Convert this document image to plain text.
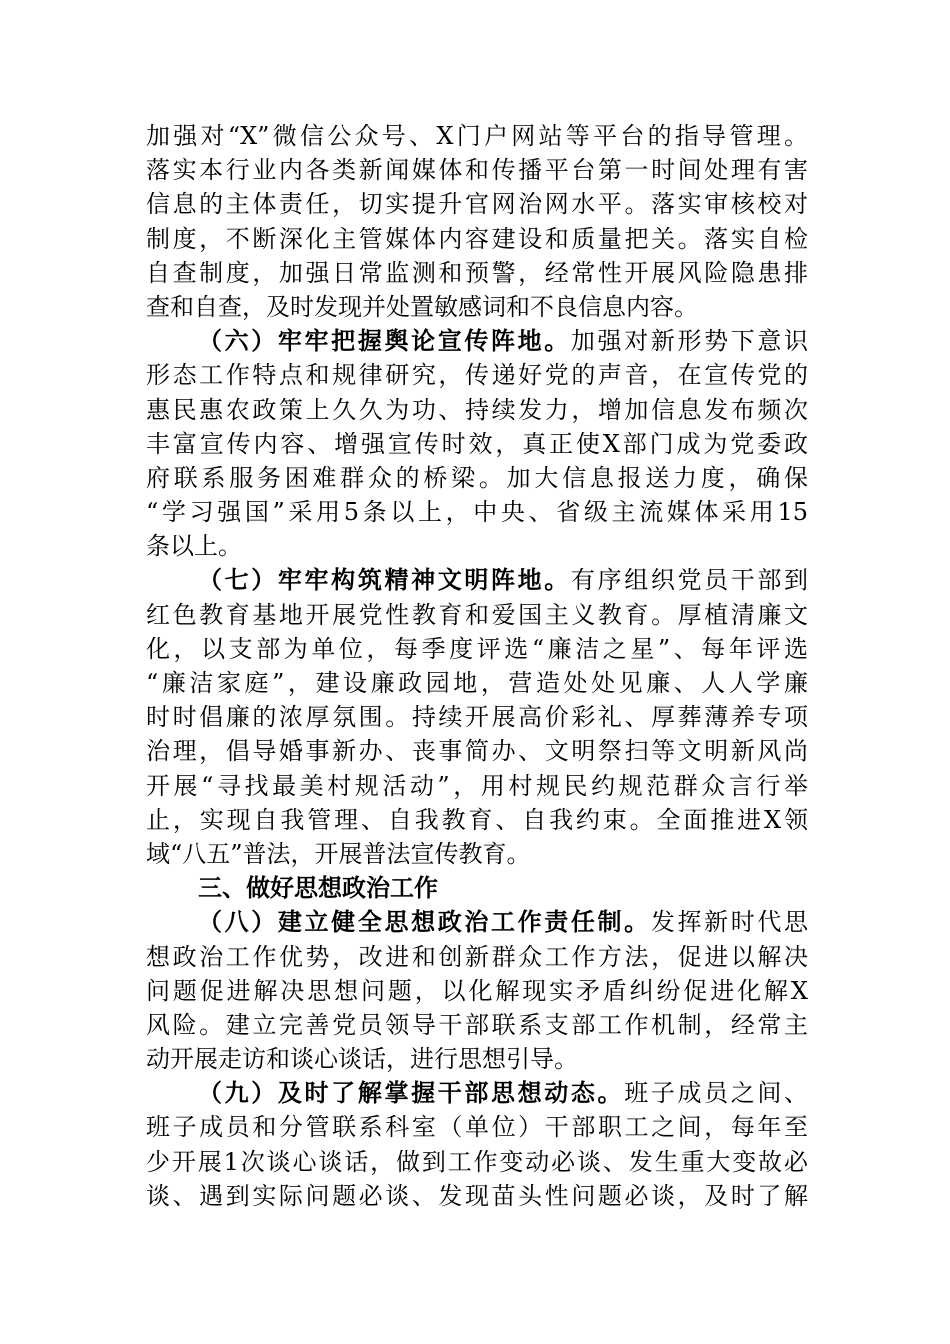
加强对“X”微信公众号、X门户网站等平台的指导管理。
落实本行业内各类新闻媒体和传播平台第一时间处理有害
信息的主体责任，切实提升官网治网水平。落实审核校对
制度，不断深化主管媒体内容建设和质量把关。落实自检
自查制度，加强日常监测和预警，经常性开展风险隐患排
查和自查，及时发现并处置敏感词和不良信息内容。
（六）牢牢把握舆论宣传阵地。加强对新形势下意识
形态工作特点和规律研究，传递好党的声音，在宣传党的
惠民惠农政策上久久为功、持续发力，增加信息发布频次
丰富宣传内容、增强宣传时效，真正使X部门成为党委政
府联系服务困难群众的桥梁。加大信息报送力度，确保
“学习强国”采用5条以上，中央、省级主流媒体采用15
条以上。
（七）牢牢构筑精神文明阵地。有序组织党员干部到
红色教育基地开展党性教育和爱国主义教育。厚植清廉文
化，以支部为单位，每季度评选“廉洁之星”、每年评选
“廉洁家庭”，建设廉政园地，营造处处见廉、人人学廉
时时倡廉的浓厚氛围。持续开展高价彩礼、厚葬薄养专项
治理，倡导婚事新办、丧事简办、文明祭扫等文明新风尚
开展“寻找最美村规活动”，用村规民约规范群众言行举
止，实现自我管理、自我教育、自我约束。全面推进X领
域“八五”普法，开展普法宣传教育。
三、做好思想政治工作
（八）建立健全思想政治工作责任制。发挥新时代思
想政治工作优势，改进和创新群众工作方法，促进以解决
问题促进解决思想问题，以化解现实矛盾纠纷促进化解X
风险。建立完善党员领导干部联系支部工作机制，经常主
动开展走访和谈心谈话，进行思想引导。
（九）及时了解掌握干部思想动态。班子成员之间、
班子成员和分管联系科室（单位）干部职工之间，每年至
少开展1次谈心谈话，做到工作变动必谈、发生重大变故必
谈、遇到实际问题必谈、发现苗头性问题必谈，及时了解
